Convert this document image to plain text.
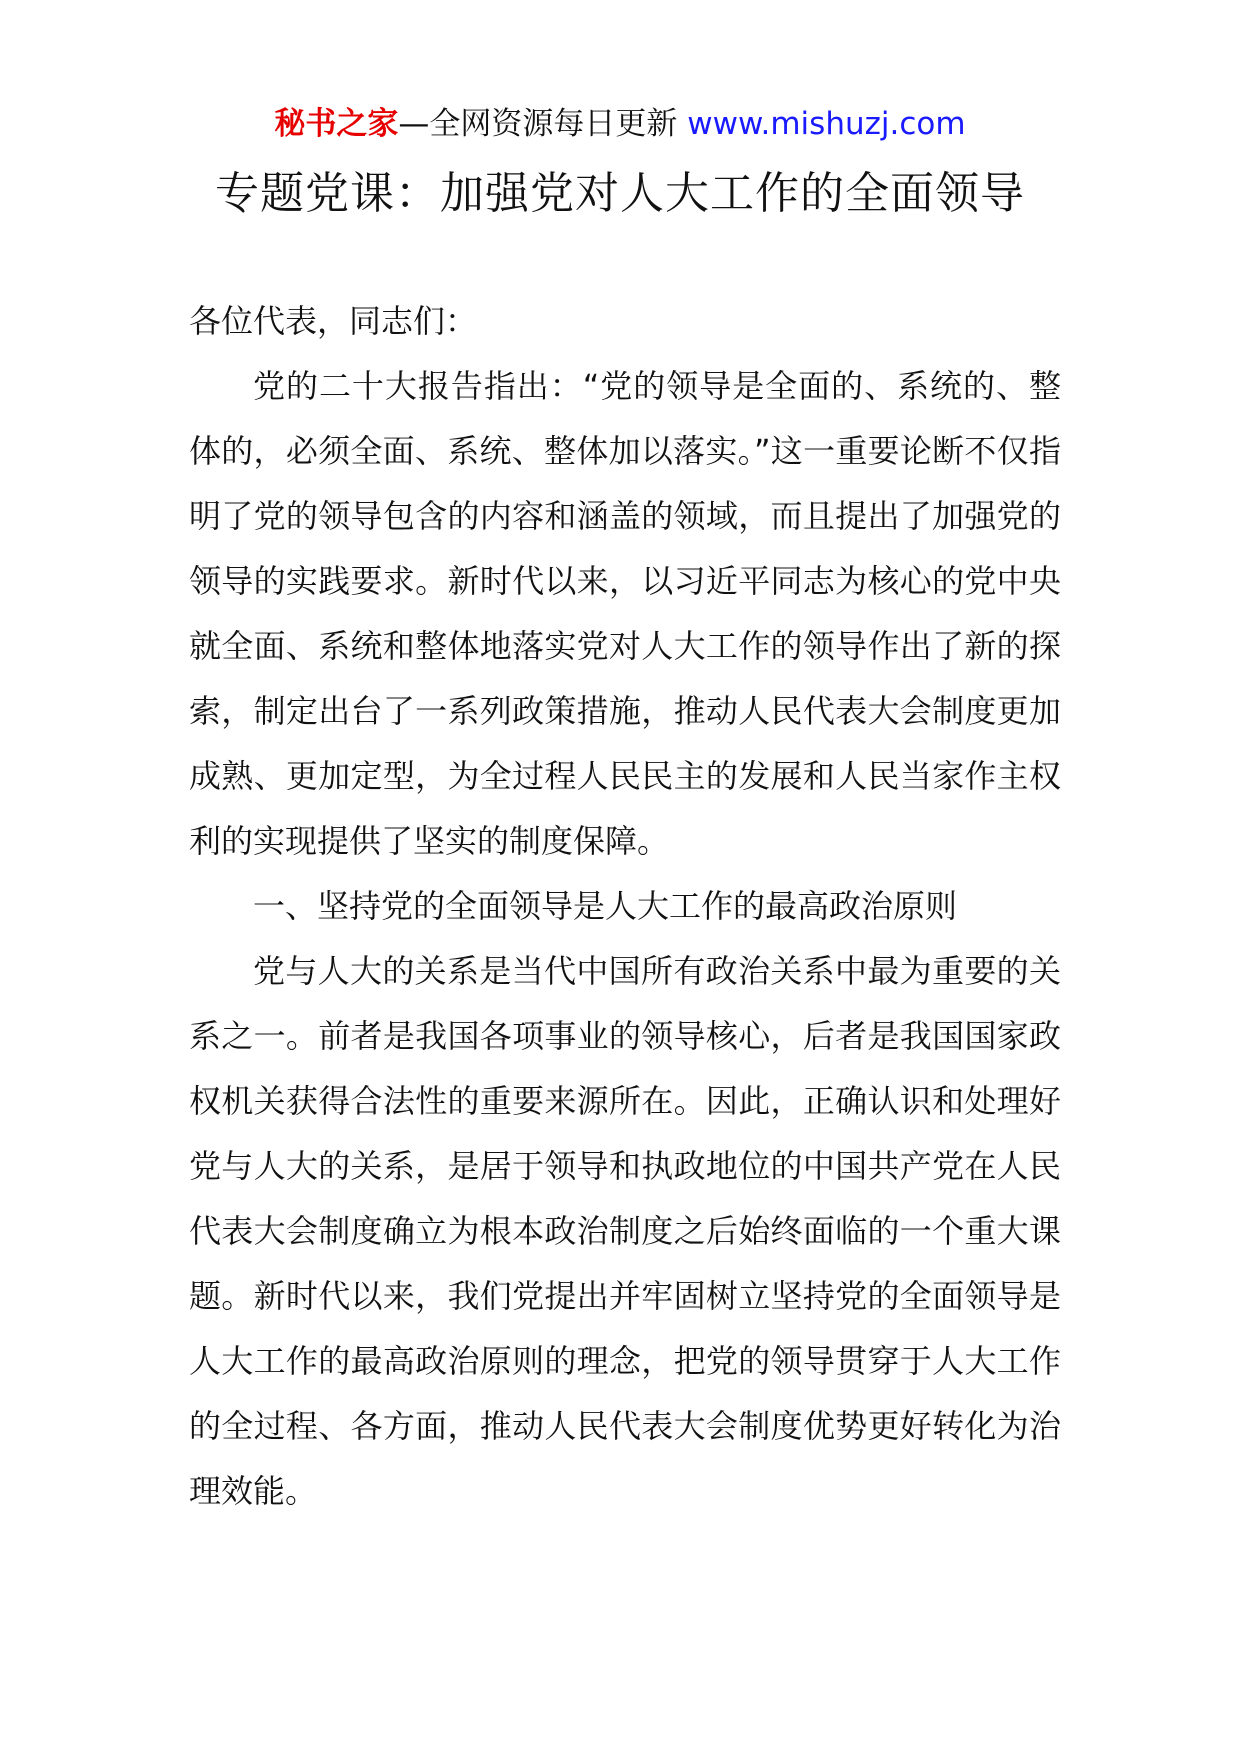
秘书之家—全网资源每日更新 www.mishuzj.com
专题党课：加强党对人大工作的全面领导

各位代表，同志们：

党的二十大报告指出：“党的领导是全面的、系统的、整体的，必须全面、系统、整体加以落实。”这一重要论断不仅指明了党的领导包含的内容和涵盖的领域，而且提出了加强党的领导的实践要求。新时代以来，以习近平同志为核心的党中央就全面、系统和整体地落实党对人大工作的领导作出了新的探索，制定出台了一系列政策措施，推动人民代表大会制度更加成熟、更加定型，为全过程人民民主的发展和人民当家作主权利的实现提供了坚实的制度保障。

一、坚持党的全面领导是人大工作的最高政治原则

党与人大的关系是当代中国所有政治关系中最为重要的关系之一。前者是我国各项事业的领导核心，后者是我国国家政权机关获得合法性的重要来源所在。因此，正确认识和处理好党与人大的关系，是居于领导和执政地位的中国共产党在人民代表大会制度确立为根本政治制度之后始终面临的一个重大课题。新时代以来，我们党提出并牢固树立坚持党的全面领导是人大工作的最高政治原则的理念，把党的领导贯穿于人大工作的全过程、各方面，推动人民代表大会制度优势更好转化为治理效能。
